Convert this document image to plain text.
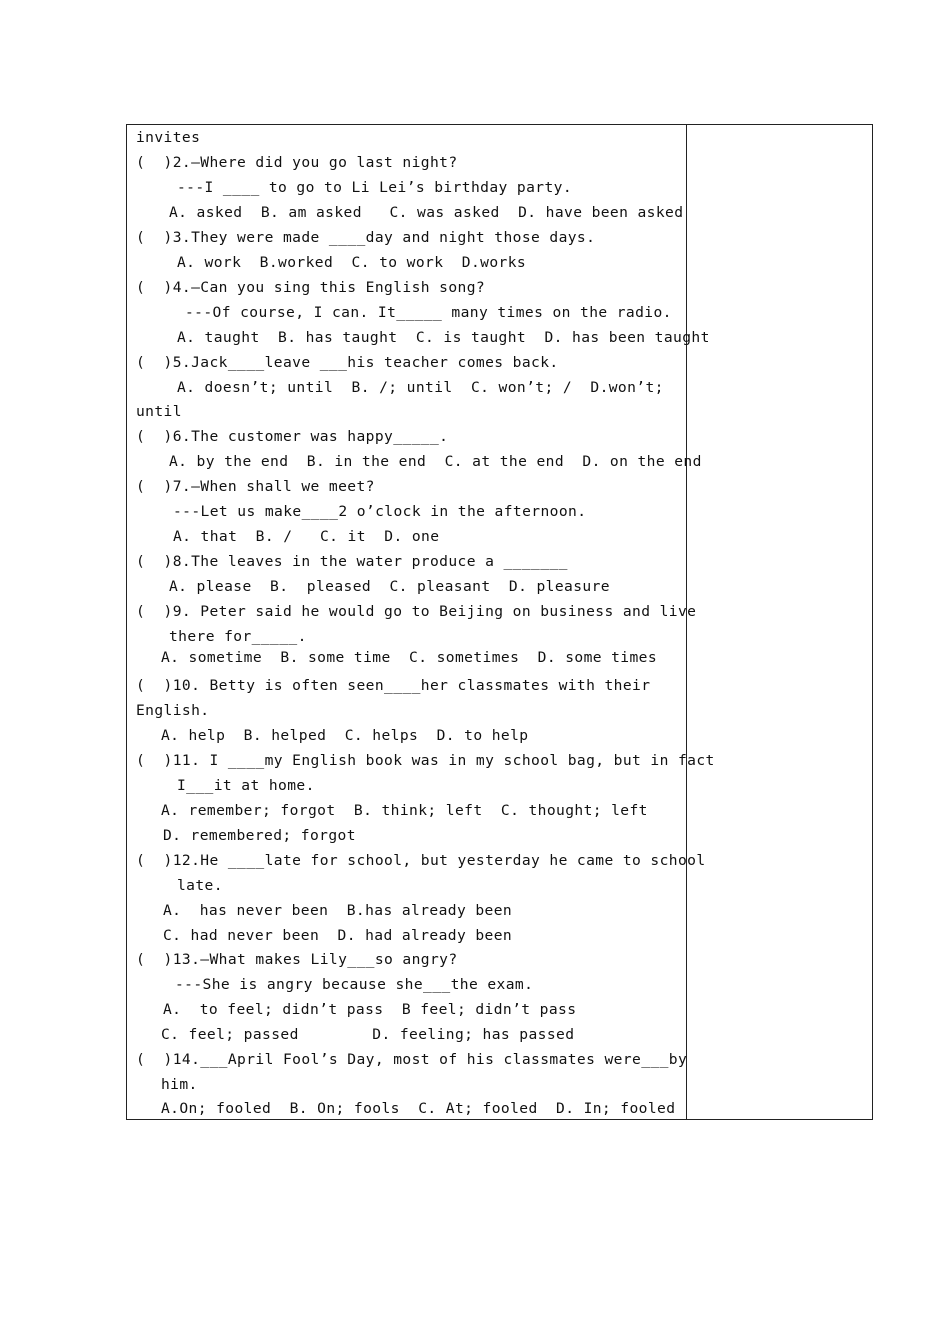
invites
(  )2.—Where did you go last night?
---I ____ to go to Li Lei’s birthday party.
A. asked  B. am asked   C. was asked  D. have been asked
(  )3.They were made ____day and night those days.
A. work  B.worked  C. to work  D.works
(  )4.—Can you sing this English song?
---Of course, I can. It_____ many times on the radio.
A. taught  B. has taught  C. is taught  D. has been taught
(  )5.Jack____leave ___his teacher comes back.
A. doesn’t; until  B. /; until  C. won’t; /  D.won’t;
until
(  )6.The customer was happy_____.
A. by the end  B. in the end  C. at the end  D. on the end
(  )7.—When shall we meet?
---Let us make____2 o’clock in the afternoon.
A. that  B. /   C. it  D. one
(  )8.The leaves in the water produce a _______
A. please  B.  pleased  C. pleasant  D. pleasure
(  )9. Peter said he would go to Beijing on business and live
there for_____.
A. sometime  B. some time  C. sometimes  D. some times
(  )10. Betty is often seen____her classmates with their
English.
A. help  B. helped  C. helps  D. to help
(  )11. I ____my English book was in my school bag, but in fact
I___it at home.
A. remember; forgot  B. think; left  C. thought; left
D. remembered; forgot
(  )12.He ____late for school, but yesterday he came to school
late.
A.  has never been  B.has already been
C. had never been  D. had already been
(  )13.—What makes Lily___so angry?
---She is angry because she___the exam.
A.  to feel; didn’t pass  B feel; didn’t pass
C. feel; passed        D. feeling; has passed
(  )14.___April Fool’s Day, most of his classmates were___by
him.
A.On; fooled  B. On; fools  C. At; fooled  D. In; fooled
